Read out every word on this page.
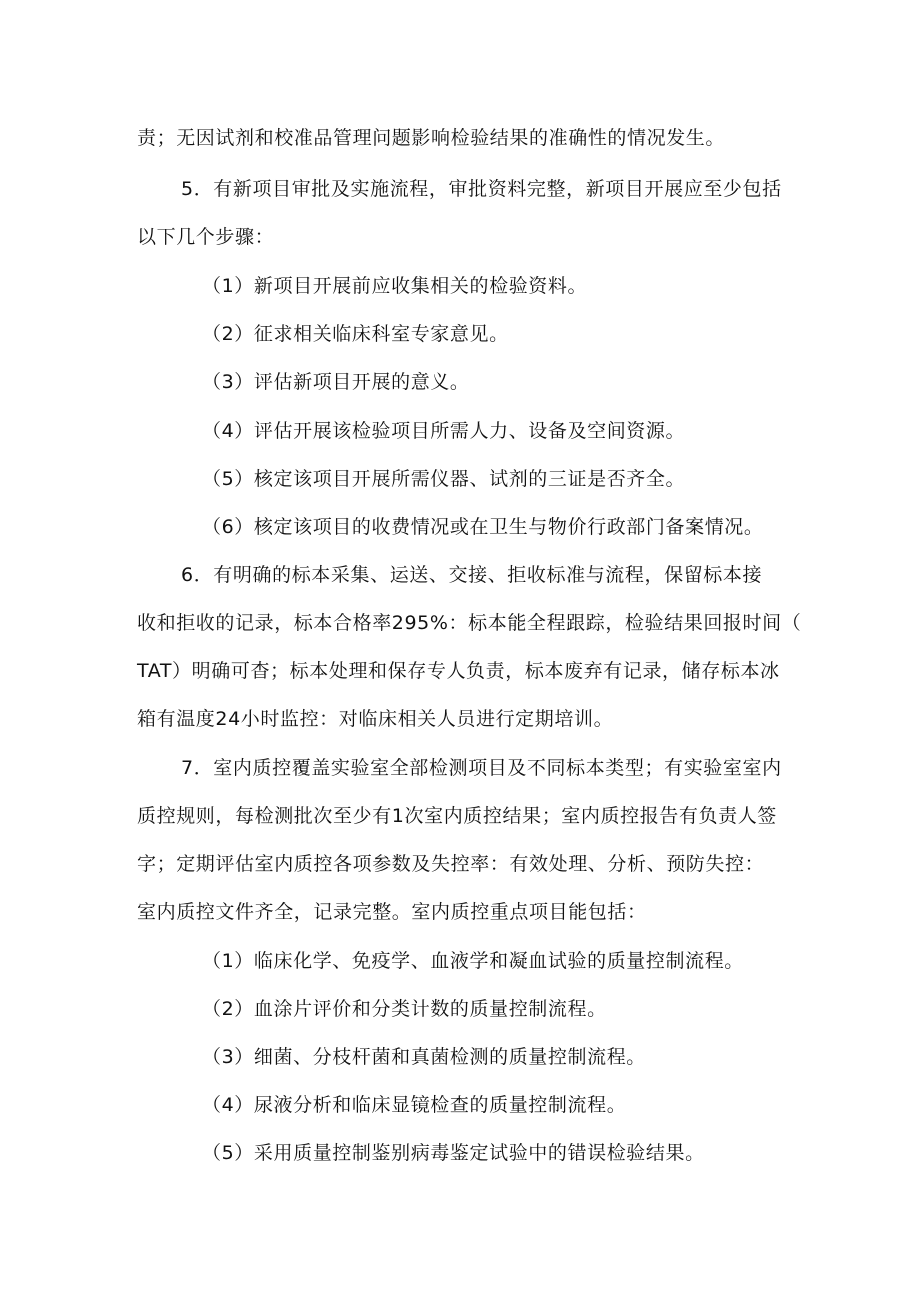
责；无因试剂和校准品管理问题影响检验结果的准确性的情况发生。
5．有新项目审批及实施流程，审批资料完整，新项目开展应至少包括
以下几个步骤：
（1）新项目开展前应收集相关的检验资料。
（2）征求相关临床科室专家意见。
（3）评估新项目开展的意义。
（4）评估开展该检验项目所需人力、设备及空间资源。
（5）核定该项目开展所需仪器、试剂的三证是否齐全。
（6）核定该项目的收费情况或在卫生与物价行政部门备案情况。
6．有明确的标本采集、运送、交接、拒收标准与流程，保留标本接
收和拒收的记录，标本合格率295%：标本能全程跟踪，检验结果回报时间（
TAT）明确可杳；标本处理和保存专人负责，标本废弃有记录，储存标本冰
箱有温度24小时监控：对临床相关人员进行定期培训。
7．室内质控覆盖实验室全部检测项目及不同标本类型；有实验室室内
质控规则，每检测批次至少有1次室内质控结果；室内质控报告有负责人签
字；定期评估室内质控各项参数及失控率：有效处理、分析、预防失控：
室内质控文件齐全，记录完整。室内质控重点项目能包括：
（1）临床化学、免疫学、血液学和凝血试验的质量控制流程。
（2）血涂片评价和分类计数的质量控制流程。
（3）细菌、分枝杆菌和真菌检测的质量控制流程。
（4）尿液分析和临床显镜检查的质量控制流程。
（5）采用质量控制鉴别病毒鉴定试验中的错误检验结果。
